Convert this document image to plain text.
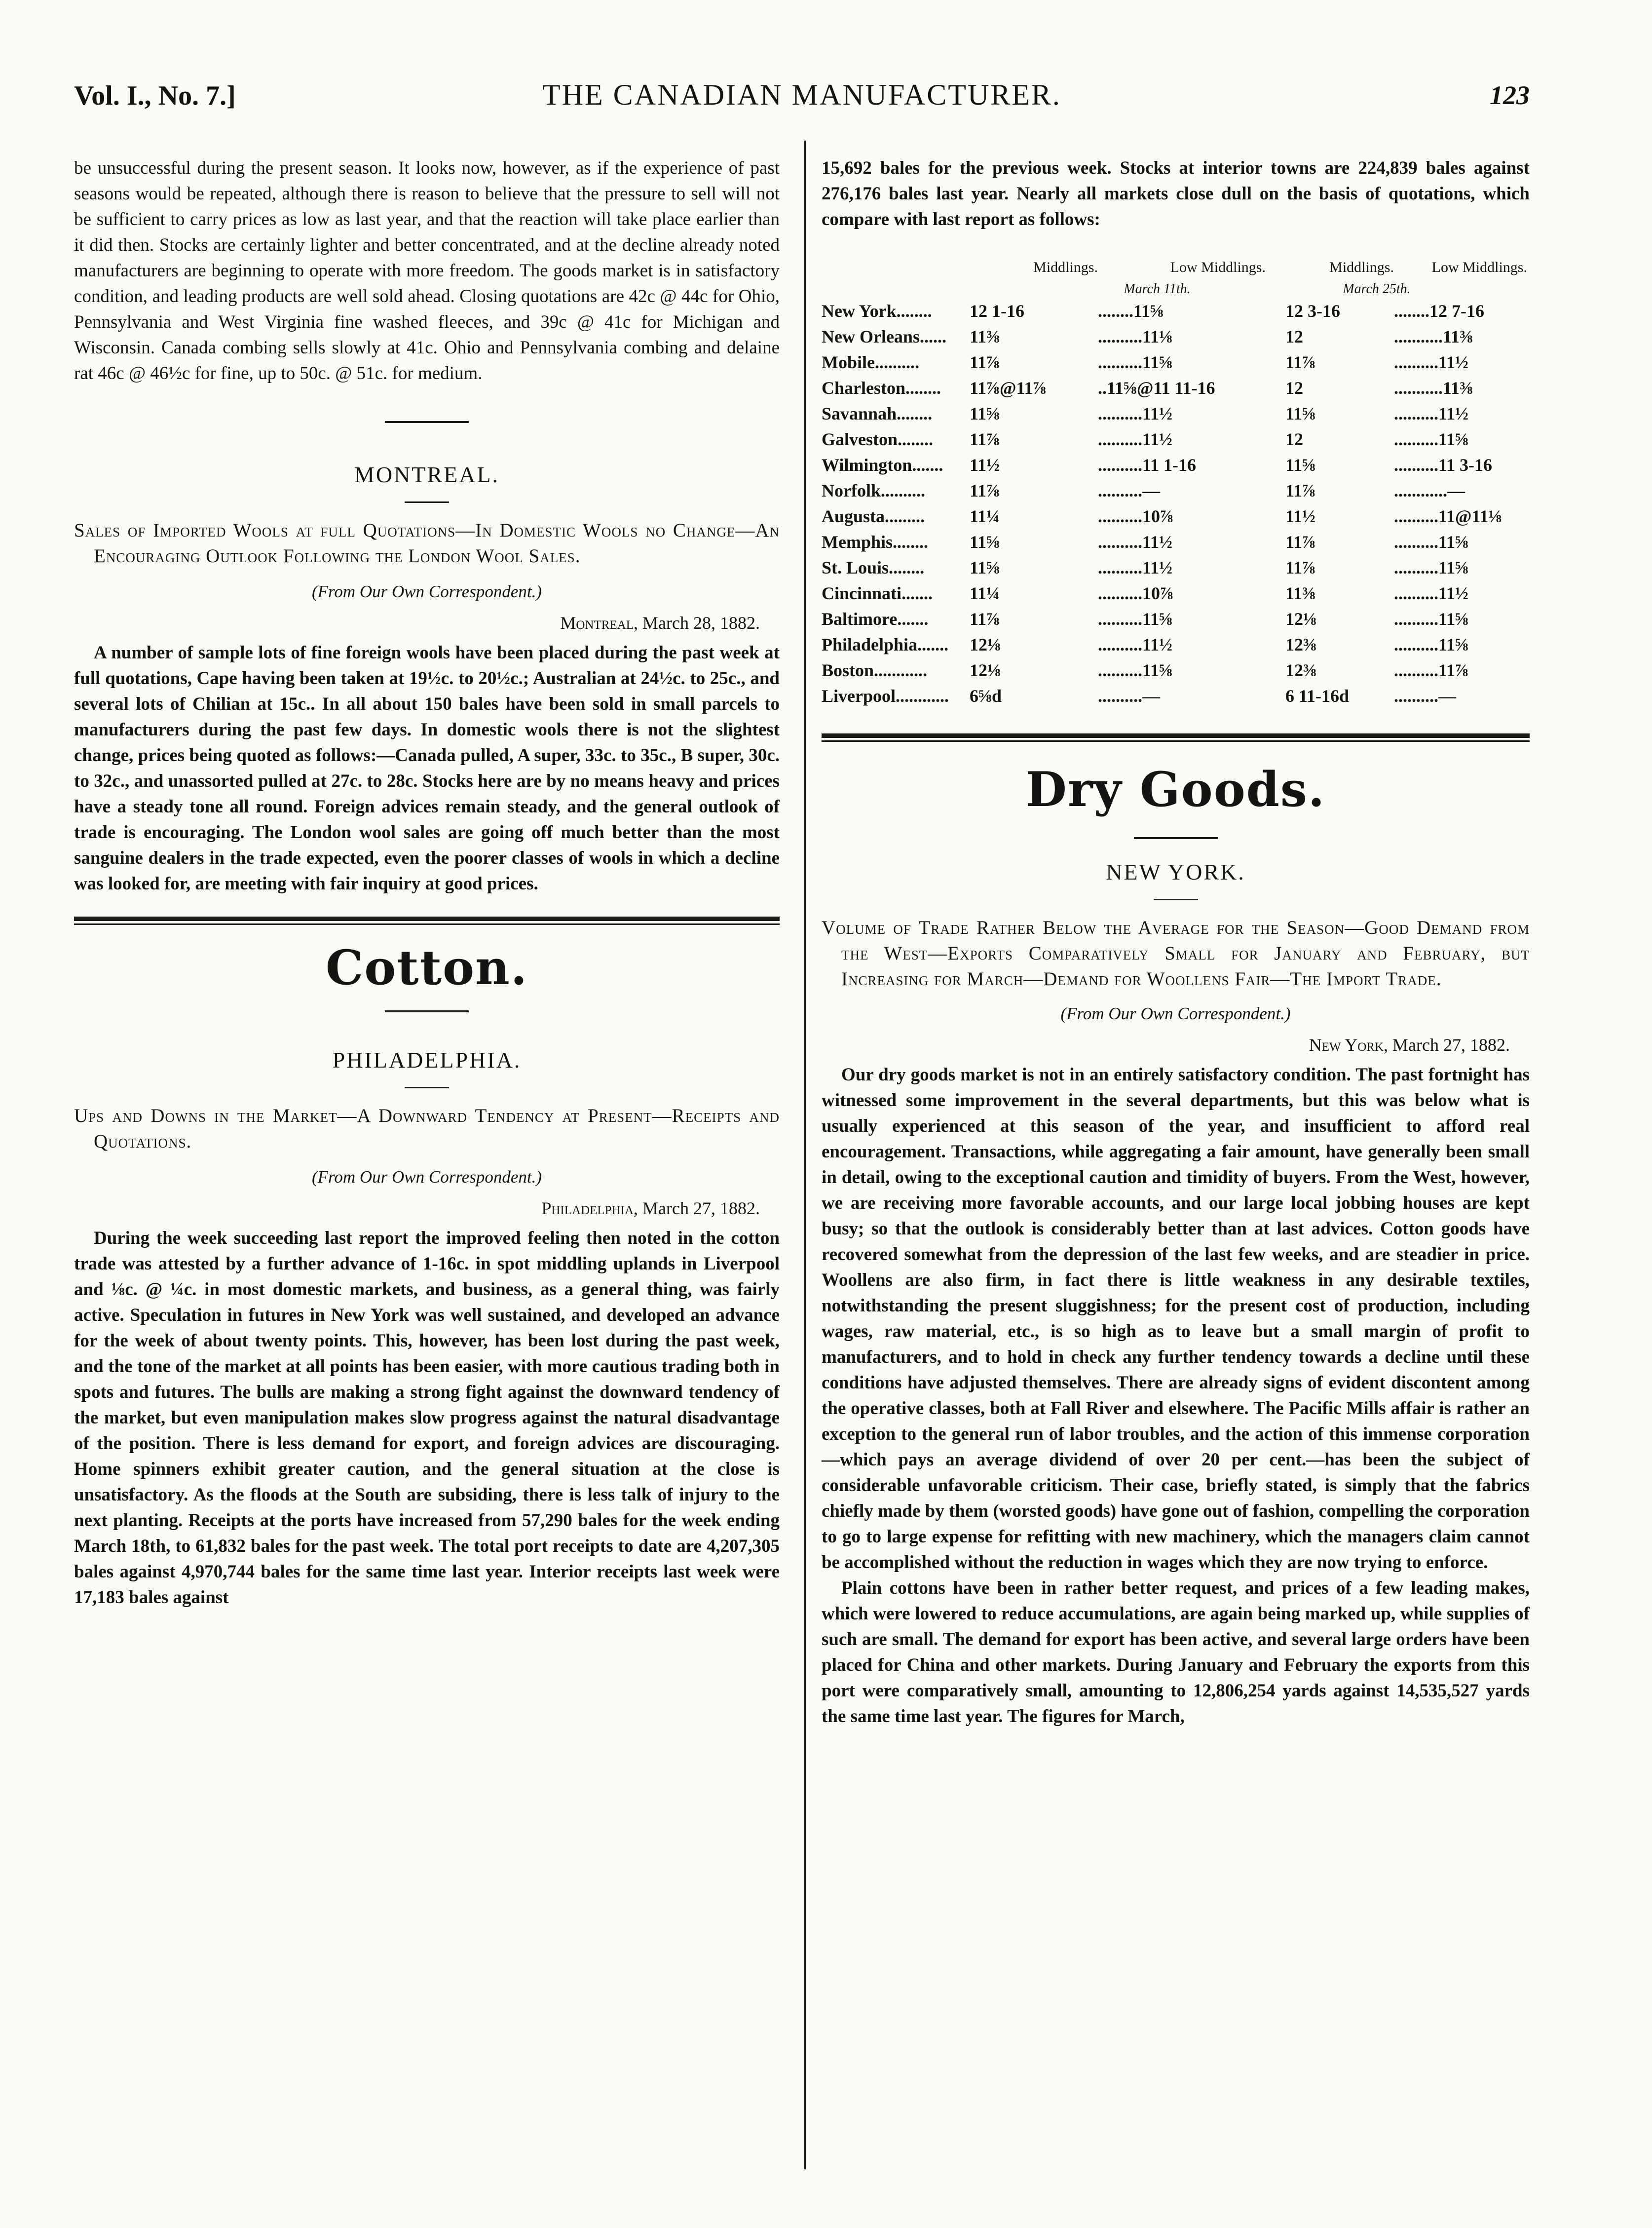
Vol. I., No. 7.]	THE CANADIAN MANUFACTURER.	123

be unsuccessful during the present season. It looks now, however, as if the experience of past seasons would be repeated, although there is reason to believe that the pressure to sell will not be sufficient to carry prices as low as last year, and that the reaction will take place earlier than it did then. Stocks are certainly lighter and better concentrated, and at the decline already noted manufacturers are beginning to operate with more freedom. The goods market is in satisfactory condition, and leading products are well sold ahead. Closing quotations are 42c @ 44c for Ohio, Pennsylvania and West Virginia fine washed fleeces, and 39c @ 41c for Michigan and Wisconsin. Canada combing sells slowly at 41c. Ohio and Pennsylvania combing and delaine rat 46c @ 46½c for fine, up to 50c. @ 51c. for medium.

MONTREAL.

Sales of Imported Wools at full Quotations—In Domestic Wools no Change—An Encouraging Outlook Following the London Wool Sales.

(From Our Own Correspondent.)

Montreal, March 28, 1882.

A number of sample lots of fine foreign wools have been placed during the past week at full quotations, Cape having been taken at 19½c. to 20½c.; Australian at 24½c. to 25c., and several lots of Chilian at 15c.. In all about 150 bales have been sold in small parcels to manufacturers during the past few days. In domestic wools there is not the slightest change, prices being quoted as follows:—Canada pulled, A super, 33c. to 35c., B super, 30c. to 32c., and unassorted pulled at 27c. to 28c. Stocks here are by no means heavy and prices have a steady tone all round. Foreign advices remain steady, and the general outlook of trade is encouraging. The London wool sales are going off much better than the most sanguine dealers in the trade expected, even the poorer classes of wools in which a decline was looked for, are meeting with fair inquiry at good prices.

Cotton.

PHILADELPHIA.

Ups and Downs in the Market—A Downward Tendency at Present—Receipts and Quotations.

(From Our Own Correspondent.)

Philadelphia, March 27, 1882.

During the week succeeding last report the improved feeling then noted in the cotton trade was attested by a further advance of 1-16c. in spot middling uplands in Liverpool and ⅛c. @ ¼c. in most domestic markets, and business, as a general thing, was fairly active. Speculation in futures in New York was well sustained, and developed an advance for the week of about twenty points. This, however, has been lost during the past week, and the tone of the market at all points has been easier, with more cautious trading both in spots and futures. The bulls are making a strong fight against the downward tendency of the market, but even manipulation makes slow progress against the natural disadvantage of the position. There is less demand for export, and foreign advices are discouraging. Home spinners exhibit greater caution, and the general situation at the close is unsatisfactory. As the floods at the South are subsiding, there is less talk of injury to the next planting. Receipts at the ports have increased from 57,290 bales for the week ending March 18th, to 61,832 bales for the past week. The total port receipts to date are 4,207,305 bales against 4,970,744 bales for the same time last year. Interior receipts last week were 17,183 bales against

15,692 bales for the previous week. Stocks at interior towns are 224,839 bales against 276,176 bales last year. Nearly all markets close dull on the basis of quotations, which compare with last report as follows:

	Middlings.	Low Middlings.	Middlings.	Low Middlings.
	March 11th.		March 25th.	
New York........	12 1-16	........11⅝	12 3-16	........12 7-16
New Orleans......	11⅜	..........11⅛	12	...........11⅜
Mobile..........	11⅞	..........11⅝	11⅞	..........11½
Charleston........	11⅞@11⅞	..11⅝@11 11-16	12	...........11⅜
Savannah........	11⅝	..........11½	11⅝	..........11½
Galveston........	11⅞	..........11½	12	..........11⅝
Wilmington.......	11½	..........11 1-16	11⅝	..........11 3-16
Norfolk..........	11⅞	..........—	11⅞	............—
Augusta.........	11¼	..........10⅞	11½	..........11@11⅛
Memphis........	11⅝	..........11½	11⅞	..........11⅝
St. Louis........	11⅝	..........11½	11⅞	..........11⅝
Cincinnati.......	11¼	..........10⅞	11⅜	..........11½
Baltimore.......	11⅞	..........11⅝	12⅛	..........11⅝
Philadelphia.......	12⅛	..........11½	12⅜	..........11⅝
Boston............	12⅛	..........11⅝	12⅜	..........11⅞
Liverpool............	6⅝d	..........—	6 11-16d	..........—
Dry Goods.

NEW YORK.

Volume of Trade Rather Below the Average for the Season—Good Demand from the West—Exports Comparatively Small for January and February, but Increasing for March—Demand for Woollens Fair—The Import Trade.

(From Our Own Correspondent.)

New York, March 27, 1882.

Our dry goods market is not in an entirely satisfactory condition. The past fortnight has witnessed some improvement in the several departments, but this was below what is usually experienced at this season of the year, and insufficient to afford real encouragement. Transactions, while aggregating a fair amount, have generally been small in detail, owing to the exceptional caution and timidity of buyers. From the West, however, we are receiving more favorable accounts, and our large local jobbing houses are kept busy; so that the outlook is considerably better than at last advices. Cotton goods have recovered somewhat from the depression of the last few weeks, and are steadier in price. Woollens are also firm, in fact there is little weakness in any desirable textiles, notwithstanding the present sluggishness; for the present cost of production, including wages, raw material, etc., is so high as to leave but a small margin of profit to manufacturers, and to hold in check any further tendency towards a decline until these conditions have adjusted themselves. There are already signs of evident discontent among the operative classes, both at Fall River and elsewhere. The Pacific Mills affair is rather an exception to the general run of labor troubles, and the action of this immense corporation—which pays an average dividend of over 20 per cent.—has been the subject of considerable unfavorable criticism. Their case, briefly stated, is simply that the fabrics chiefly made by them (worsted goods) have gone out of fashion, compelling the corporation to go to large expense for refitting with new machinery, which the managers claim cannot be accomplished without the reduction in wages which they are now trying to enforce.

Plain cottons have been in rather better request, and prices of a few leading makes, which were lowered to reduce accumulations, are again being marked up, while supplies of such are small. The demand for export has been active, and several large orders have been placed for China and other markets. During January and February the exports from this port were comparatively small, amounting to 12,806,254 yards against 14,535,527 yards the same time last year. The figures for March,
